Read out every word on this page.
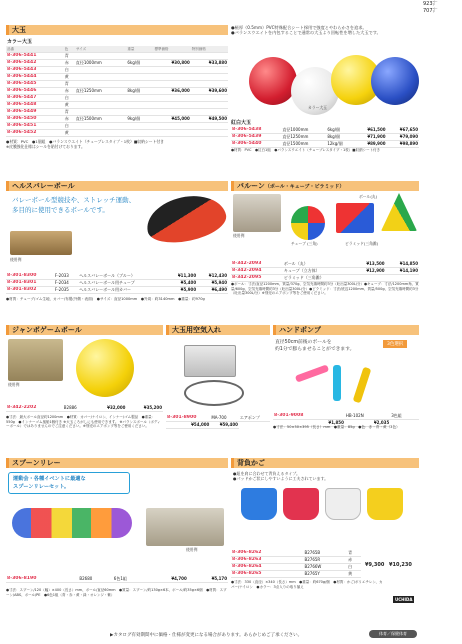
大玉
カラー大玉
品番	色	サイズ	重量	標準価格	特別価格
8-306-5441	青				
8-306-5442	赤	直径1000mm	6kg/個	¥30,800	¥33,880
8-306-5443	白				
8-306-5444	黄				
8-306-5445	青				
8-306-5446	赤	直径1250mm	8kg/個	¥36,000	¥39,600
8-306-5447	白				
8-306-5448	黄				
8-306-5449	青				
8-306-5450	赤	直径1500mm	9kg/個	¥45,000	¥49,500
8-306-5451	白				
8-306-5452	黄				
●材質：PVC　●1個組　●バランスウエイト（チューブレスタイプ・1枚）■収納シート付き
※皮膜強化仕様はシールを貼付けております。
●極厚（0.5mm）PVC特殊配合シート採用で強度とやわらかさを追求。
●バランスウエイトを内包することで通常の大玉より回転性を増した大玉です。
カラー大玉
紅白大玉
8-306-5438	直径1000mm	6kg/個	¥61,500	¥67,650
8-306-5439	直径1250mm	8kg/個	¥71,900	¥79,090
8-306-5440	直径1500mm	12kg/個	¥89,900	¥98,890
●材質：PVC　●紅白1組　●バランスウエイト（チューブレスタイプ・1枚）■収納シート付き
ヘルスバレーボール
バレーボール型競技や、ストレッチ運動、多目的に使用できるボールです。
使用例
8-301-8300	F-2033	ヘルスバレーボール（ブルー）	¥11,300	¥12,430
8-301-8301	F-2034	ヘルスバレーボール用チューブ	¥5,400	¥5,940
8-301-8302	F-2035	ヘルスバレーボール用カバー	¥5,900	¥6,490
●材質：チューブ/ゴム生地、カバー/布製(外側・表面)　●サイズ：直径1000mm　●外周：約3140mm　●重量：約970g
バルーン（ボール・キューブ・ピラミッド）
使用例
ボール(丸)
チューブ (三角)	ピラミッド(三角錐)
8-342-2093	ボール（丸）	¥13,500	¥14,850
8-342-2094	キューブ（立方体）	¥12,900	¥14,190
8-342-2095	ピラミッド（三角錐）		
●ボール：寸法/直径1200mm、質量/370g、空気充填時間約3分（吐出量300L/分）●キューブ：寸法/1200mm角、質量/600g、空気充填時間約3分（吐出量300L/分）●ピラミッド：寸法/底辺1200mm、質量/500g、空気充填時間約3分（吐出量300L/分）※別売のエアポンプ等をご使用ください。
ジャンボゲームボール
使用例
8-342-2202	B2886	¥32,000	¥35,200
●寸法：最大ボール直径約1200mm　●材質：カバー/ナイロン、インナー/ゴム製品　●重量：550g　●インナーゴム風船1個付き ※大玉ころがしにも使用できます。 ※バランスボール（ボディーボール）ではありませんのでご注意ください。※別売のエアポンプ等をご使用ください。
大玉用空気入れ
8-301-8900	MA-700	エアポンプ
¥54,000	¥59,400	
ハンドポンプ
直径50cm前後のボールを
約1分で膨らませることができます。
3色選択
8-301-9008	HB-102N	3色組
¥1,850	¥2,035	
●寸法：50×50×395（長さ）mm　●重量：85g　●色：赤・青・黄（3色）
スプーンリレー
運動会・各種イベントに最適な
スプーンリレーセット。
使用例
8-306-8190	B2680	6色1組	¥4,700	¥5,170
●寸法：スプーン/120（幅）×400（長さ）mm、ボール/直径60mm　●質量：スプーン/約130g×6本、ボール/約35g×6個　●材質：スプーン/ABS、ボール/PE　●6色1組（青・赤・黄・緑・オレンジ・紫）
背負かご
●紐を肩に合わせて背負えるタイプ。
●パッドかご状にしやすいように工夫されています。
8-306-8262	B2765B	青
8-306-8263	B2765R	赤
8-306-8264	B2766W	白
8-306-8265	B2765Y	黄
¥9,300 ¥10,230
●寸法：330（直径）×340（長さ）mm　●重量：約670g/個　●材質：かご/ポリエチレン、カバー/ナイロン　●カラー：3点入りの取り揃え
UCHIDA
▶カタログ有効期間中に価格・仕様が変更になる場合があります。あらかじめご了承ください。	体育／保健体育
923㌻
707㌻
